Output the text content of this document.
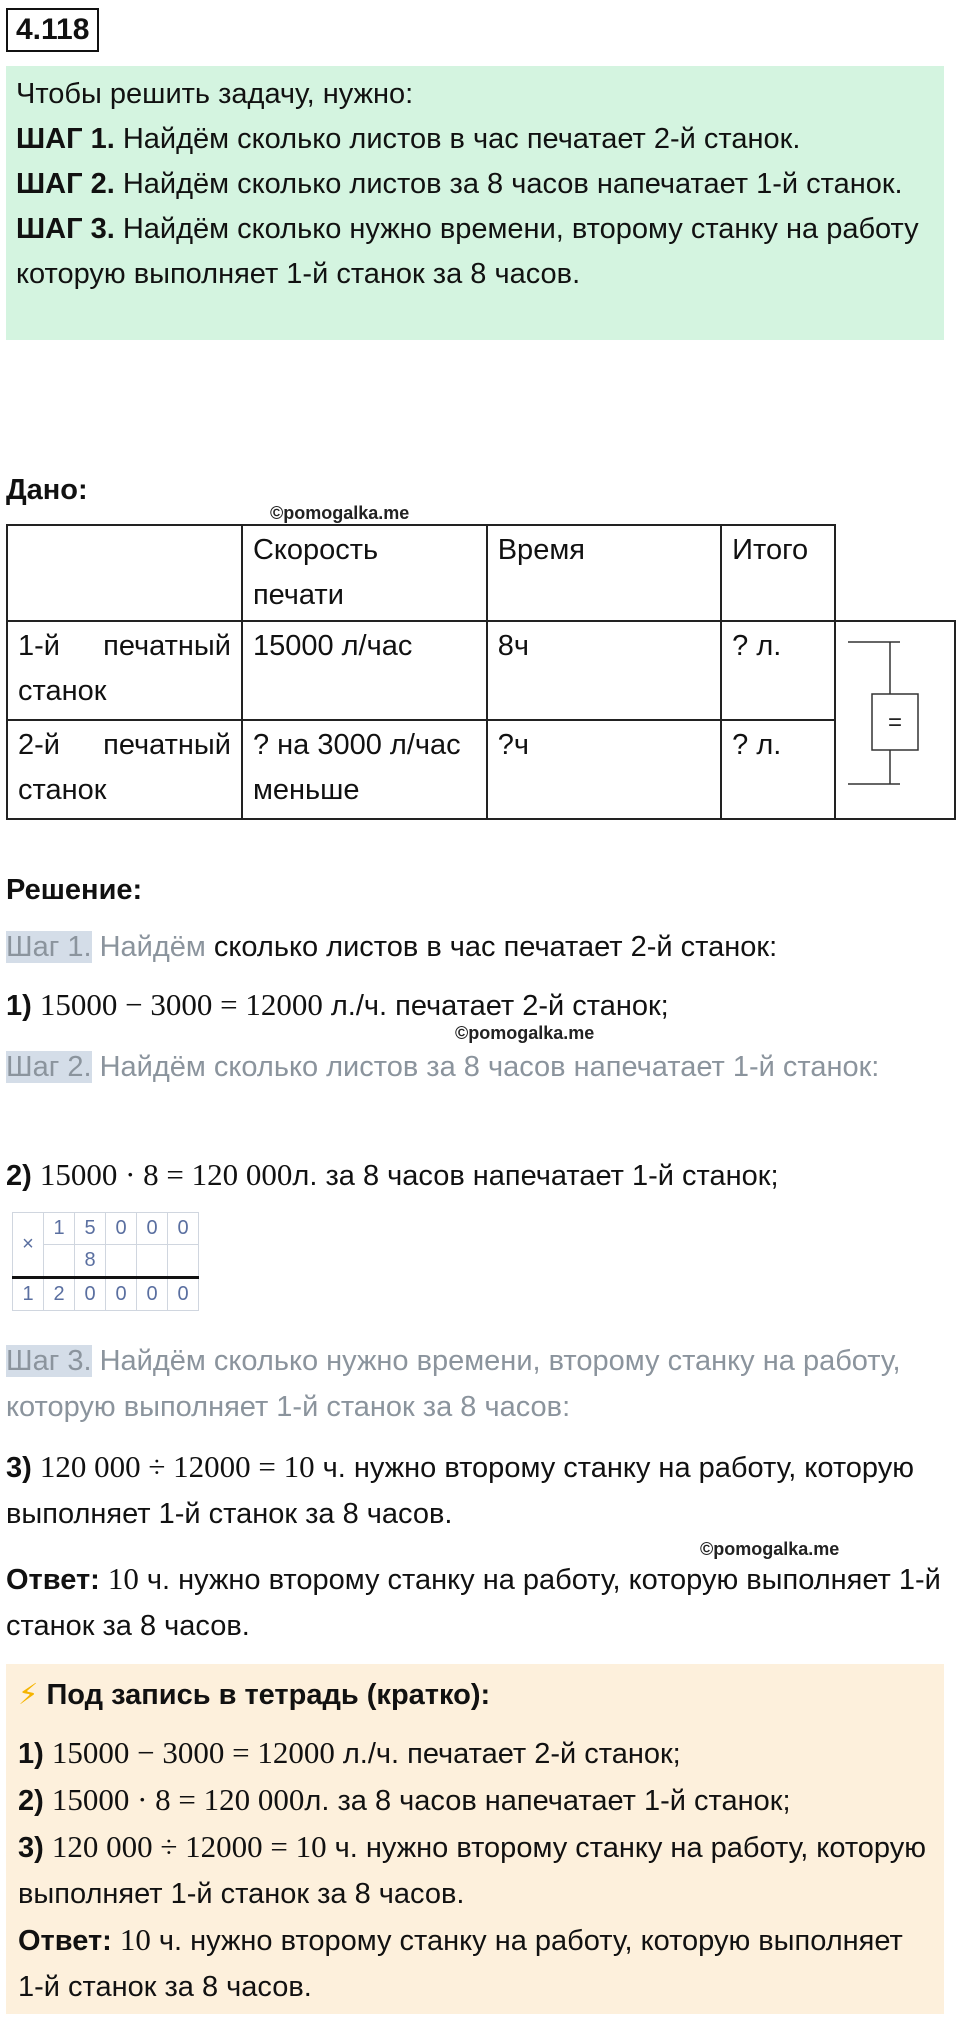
4.118
Чтобы решить задачу, нужно:
ШАГ 1. Найдём сколько листов в час печатает 2-й станок.
ШАГ 2. Найдём сколько листов за 8 часов напечатает 1-й станок.
ШАГ 3. Найдём сколько нужно времени, второму станку на работу которую выполняет 1-й станок за 8 часов.
Дано:
©pomogalka.me
	Скорость печати	Время	Итого	
1-й печатный станок	15000 л/час	8ч	? л.	=

2-й печатный станок	? на 3000 л/час меньше	?ч	? л.	
Решение:
Шаг 1. Найдём сколько листов в час печатает 2-й станок:
1) 15000 − 3000 = 12000 л./ч. печатает 2-й станок;
©pomogalka.me
Шаг 2. Найдём сколько листов за 8 часов напечатает 1-й станок:
2) 15000 · 8 = 120 000л. за 8 часов напечатает 1-й станок;
×	1	5	0	0	0
		8			
1	2	0	0	0	0
Шаг 3. Найдём сколько нужно времени, второму станку на работу, которую выполняет 1-й станок за 8 часов:
3) 120 000 ÷ 12000 = 10 ч. нужно второму станку на работу, которую выполняет 1-й станок за 8 часов.
©pomogalka.me
Ответ: 10 ч. нужно второму станку на работу, которую выполняет 1-й станок за 8 часов.
⚡ Под запись в тетрадь (кратко):
1) 15000 − 3000 = 12000 л./ч. печатает 2-й станок;
2) 15000 · 8 = 120 000л. за 8 часов напечатает 1-й станок;
3) 120 000 ÷ 12000 = 10 ч. нужно второму станку на работу, которую выполняет 1-й станок за 8 часов.
Ответ: 10 ч. нужно второму станку на работу, которую выполняет 1-й станок за 8 часов.
